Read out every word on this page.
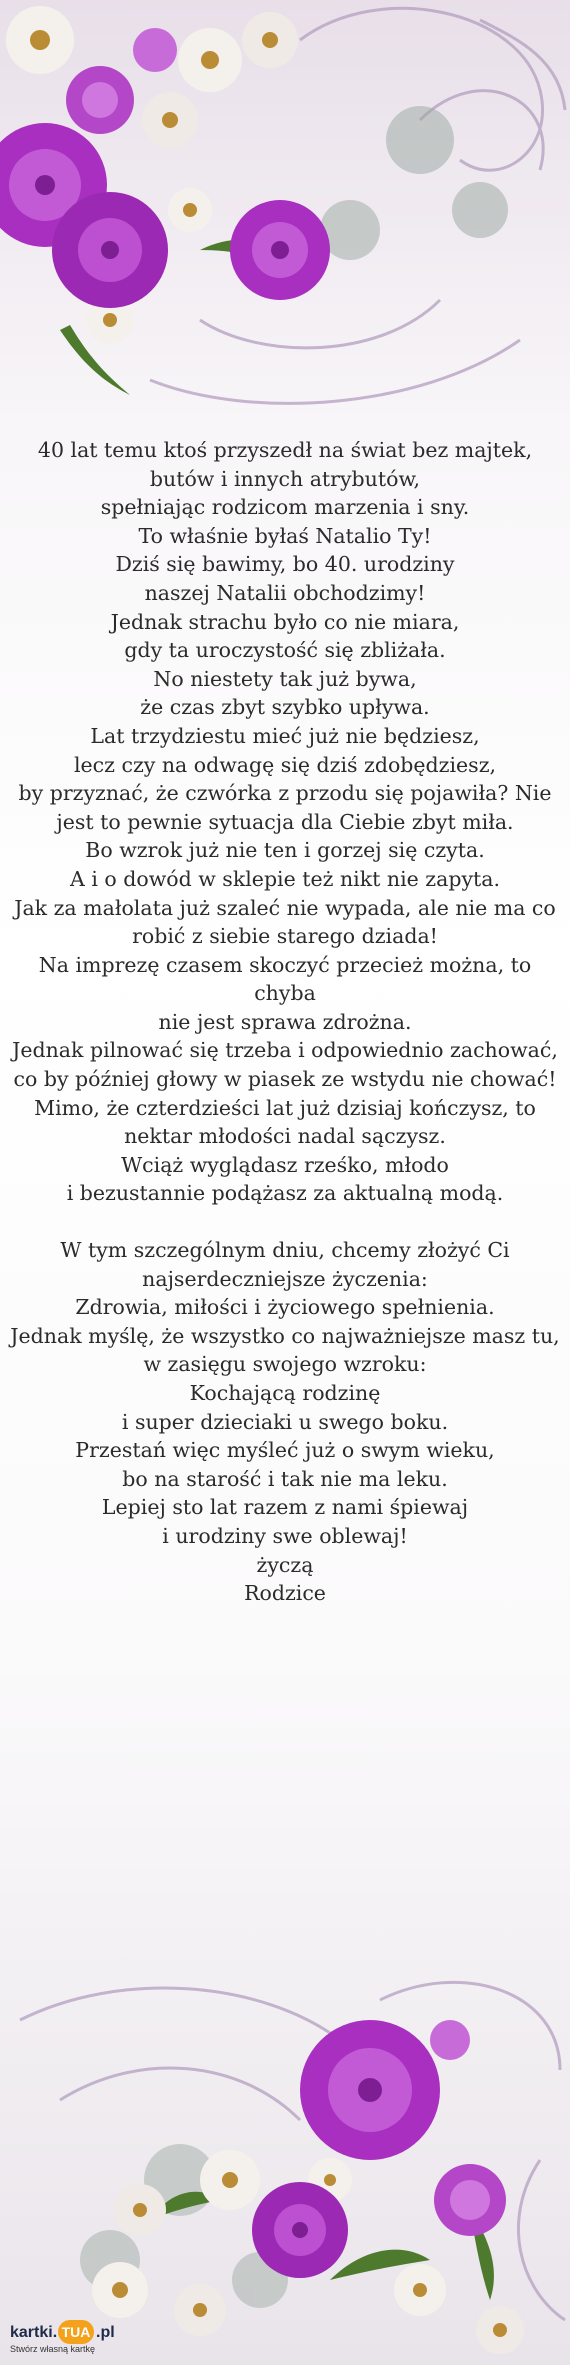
40 lat temu ktoś przyszedł na świat bez majtek,

butów i innych atrybutów,

spełniając rodzicom marzenia i sny.

To właśnie byłaś Natalio Ty!

Dziś się bawimy, bo 40. urodziny

naszej Natalii obchodzimy!

Jednak strachu było co nie miara,

gdy ta uroczystość się zbliżała.

No niestety tak już bywa,

że czas zbyt szybko upływa.

Lat trzydziestu mieć już nie będziesz,

lecz czy na odwagę się dziś zdobędziesz,

by przyznać, że czwórka z przodu się pojawiła? Nie

jest to pewnie sytuacja dla Ciebie zbyt miła.

Bo wzrok już nie ten i gorzej się czyta.

A i o dowód w sklepie też nikt nie zapyta.

Jak za małolata już szaleć nie wypada, ale nie ma co

robić z siebie starego dziada!

Na imprezę czasem skoczyć przecież można, to chyba

nie jest sprawa zdrożna.

Jednak pilnować się trzeba i odpowiednio zachować,

co by później głowy w piasek ze wstydu nie chować!

Mimo, że czterdzieści lat już dzisiaj kończysz, to

nektar młodości nadal sączysz.

Wciąż wyglądasz rześko, młodo

i bezustannie podążasz za aktualną modą.

W tym szczególnym dniu, chcemy złożyć Ci

najserdeczniejsze życzenia:

Zdrowia, miłości i życiowego spełnienia.

Jednak myślę, że wszystko co najważniejsze masz tu,

w zasięgu swojego wzroku:

Kochającą rodzinę

i super dzieciaki u swego boku.

Przestań więc myśleć już o swym wieku,

bo na starość i tak nie ma leku.

Lepiej sto lat razem z nami śpiewaj

i urodziny swe oblewaj!

życzą

Rodzice

kartki. TUA .pl
Stwórz własną kartkę
